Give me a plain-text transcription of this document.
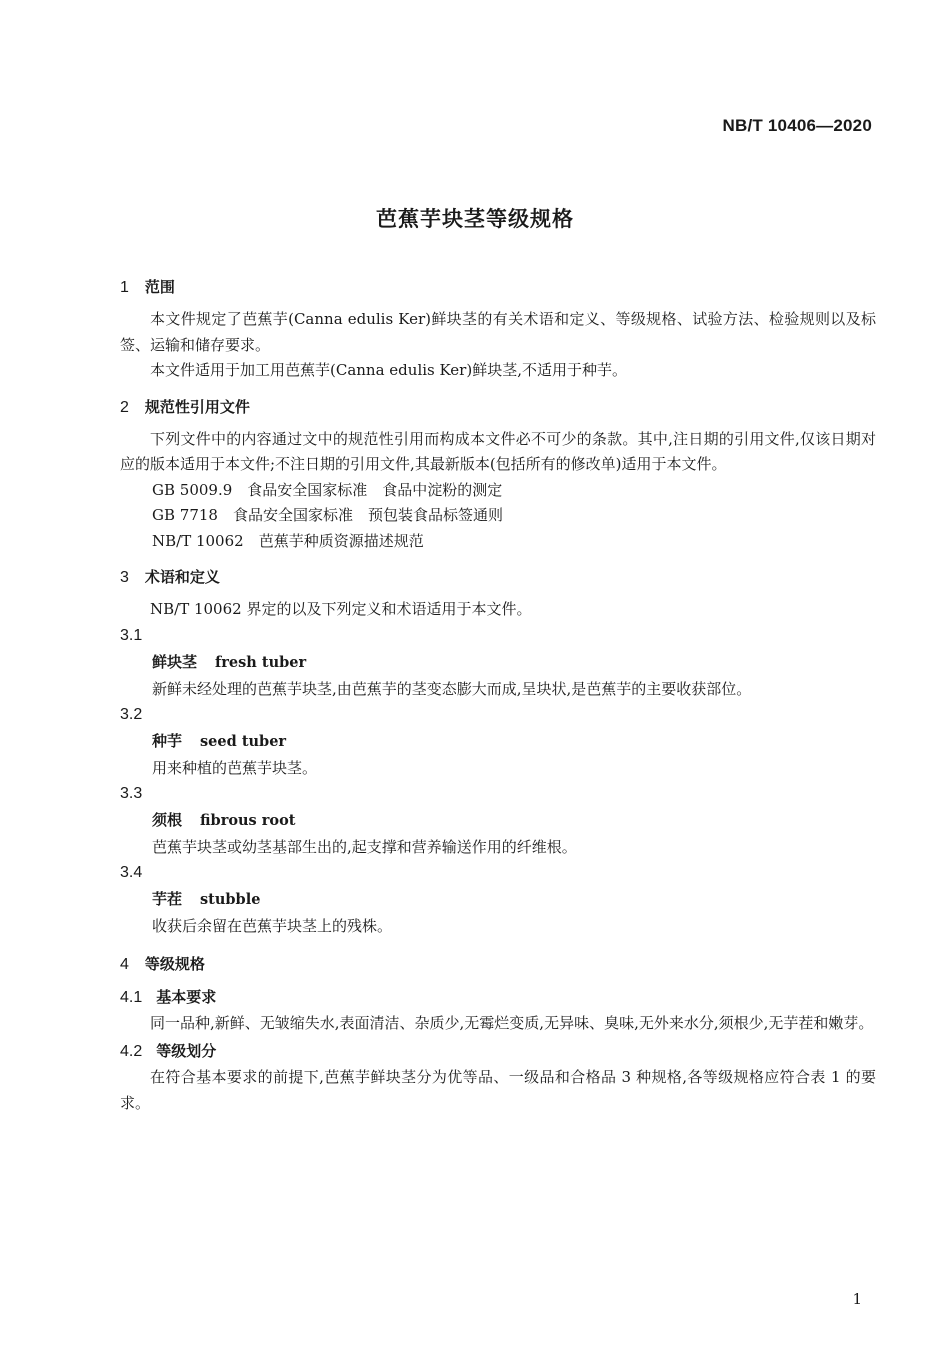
NB/T 10406—2020
芭蕉芋块茎等级规格
1 范围

本文件规定了芭蕉芋(Canna edulis Ker)鲜块茎的有关术语和定义、等级规格、试验方法、检验规则以及标签、运输和储存要求。

本文件适用于加工用芭蕉芋(Canna edulis Ker)鲜块茎,不适用于种芋。

2 规范性引用文件

下列文件中的内容通过文中的规范性引用而构成本文件必不可少的条款。其中,注日期的引用文件,仅该日期对应的版本适用于本文件;不注日期的引用文件,其最新版本(包括所有的修改单)适用于本文件。

GB 5009.9　食品安全国家标准　食品中淀粉的测定
GB 7718　食品安全国家标准　预包装食品标签通则
NB/T 10062　芭蕉芋种质资源描述规范
3 术语和定义

NB/T 10062 界定的以及下列定义和术语适用于本文件。

3.1
鲜块茎 fresh tuber
新鲜未经处理的芭蕉芋块茎,由芭蕉芋的茎变态膨大而成,呈块状,是芭蕉芋的主要收获部位。
3.2
种芋 seed tuber
用来种植的芭蕉芋块茎。
3.3
须根 fibrous root
芭蕉芋块茎或幼茎基部生出的,起支撑和营养输送作用的纤维根。
3.4
芋茬 stubble
收获后余留在芭蕉芋块茎上的残株。
4 等级规格
4.1 基本要求

同一品种,新鲜、无皱缩失水,表面清洁、杂质少,无霉烂变质,无异味、臭味,无外来水分,须根少,无芋茬和嫩芽。

4.2 等级划分

在符合基本要求的前提下,芭蕉芋鲜块茎分为优等品、一级品和合格品 3 种规格,各等级规格应符合表 1 的要求。

1
